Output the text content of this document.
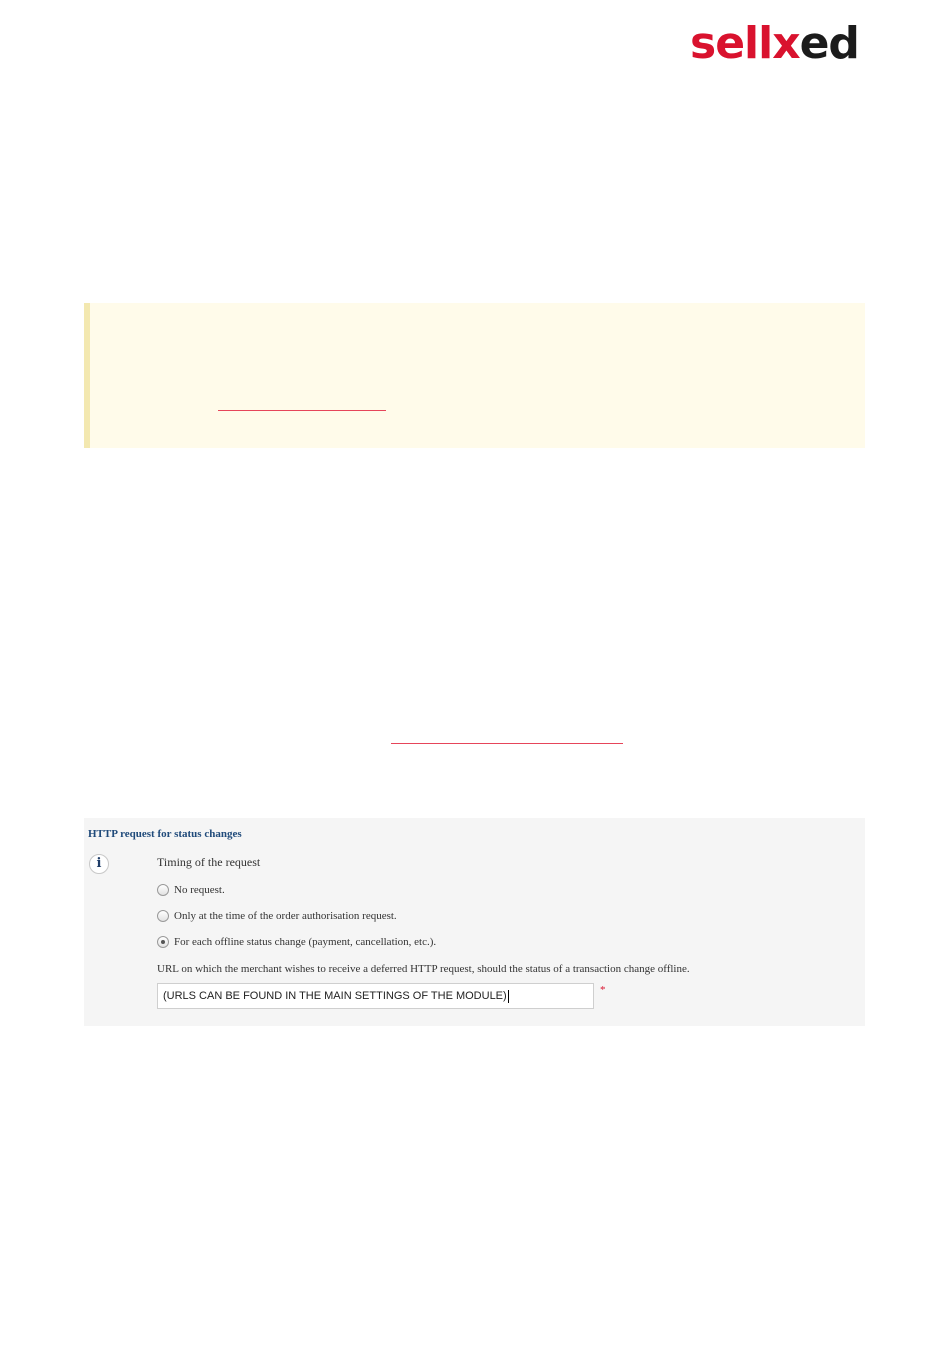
sellxed
HTTP request for status changes
i	Timing of the request
No request.
Only at the time of the order authorisation request.
For each offline status change (payment, cancellation, etc.).
URL on which the merchant wishes to receive a deferred HTTP request, should the status of a transaction change offline.
(URLS CAN BE FOUND IN THE MAIN SETTINGS OF THE MODULE)	*
